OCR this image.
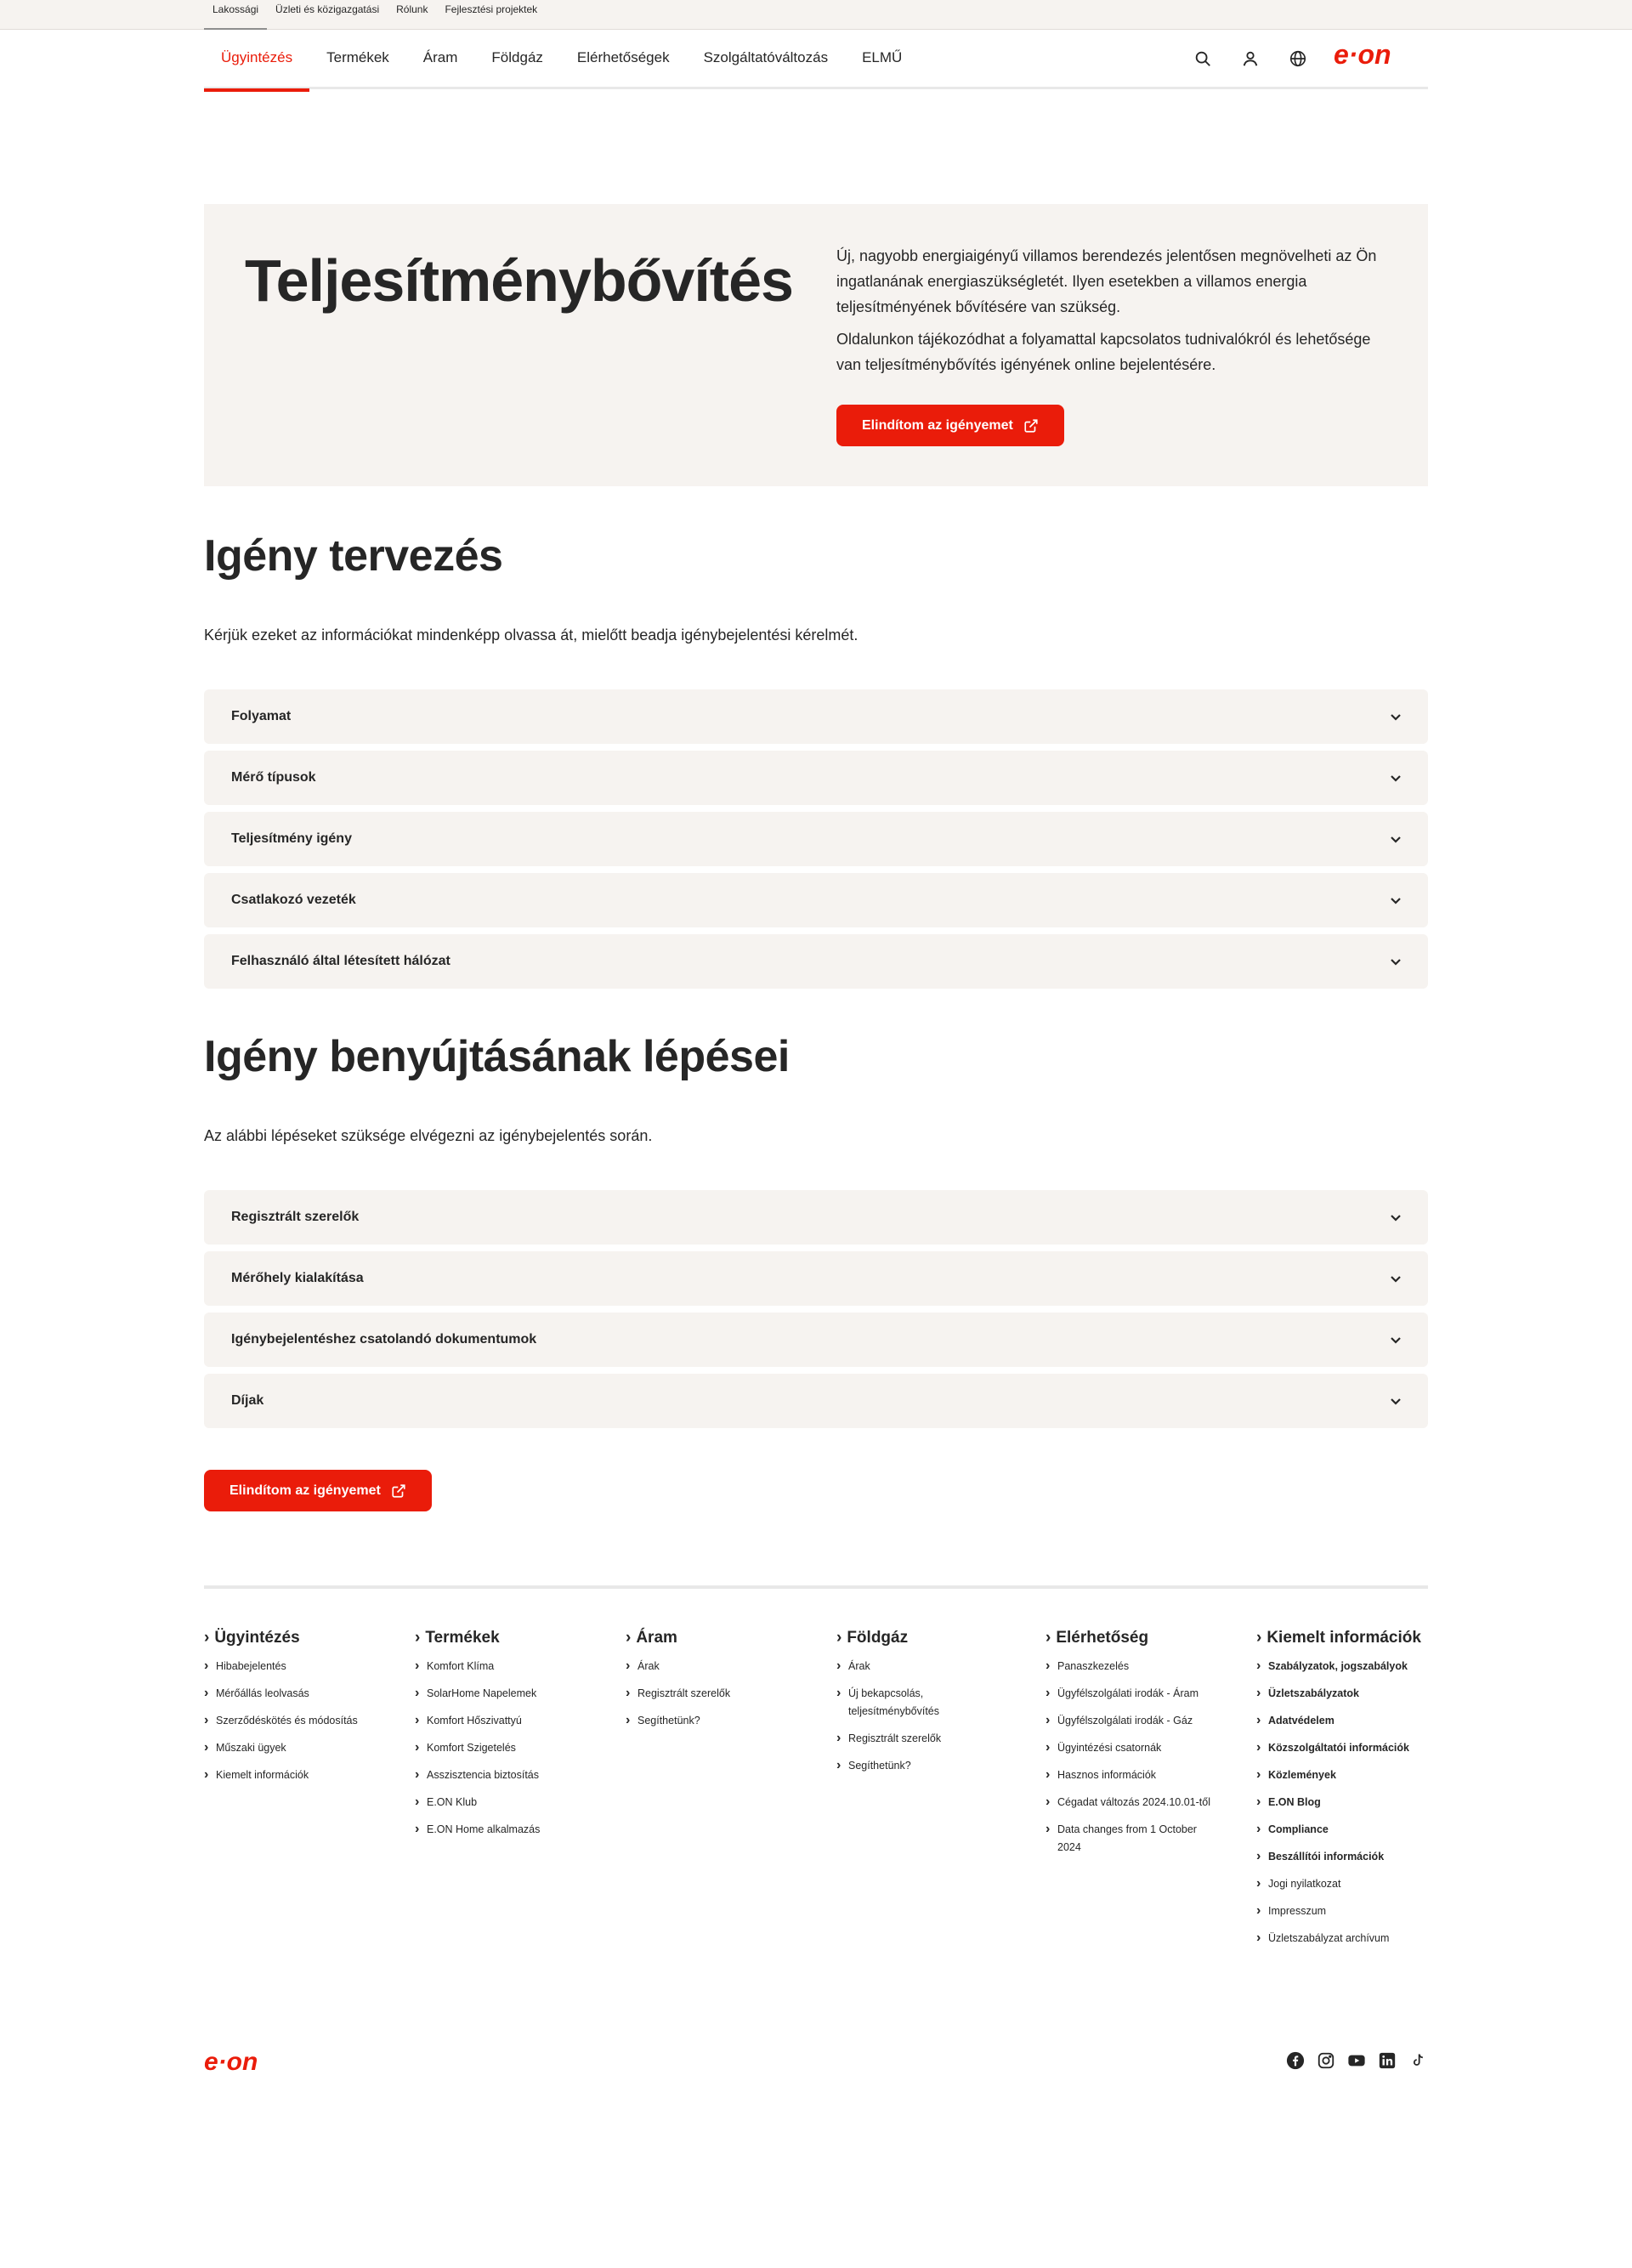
Lakossági	Üzleti és közigazgatási	Rólunk	Fejlesztési projektek
Ügyintézés	Termékek	Áram	Földgáz	Elérhetőségek	Szolgáltatóváltozás	ELMŰ	e·on
Teljesítménybővítés	Új, nagyobb energiaigényű villamos berendezés jelentősen megnövelheti az Ön ingatlanának energiaszükségletét. Ilyen esetekben a villamos energia teljesítményének bővítésére van szükség.

Oldalunkon tájékozódhat a folyamattal kapcsolatos tudnivalókról és lehetősége van teljesítménybővítés igényének online bejelentésére.

Elindítom az igényemet
Igény tervezés
Kérjük ezeket az információkat mindenképp olvassa át, mielőtt beadja igénybejelentési kérelmét.
Folyamat
Mérő típusok
Teljesítmény igény
Csatlakozó vezeték
Felhasználó által létesített hálózat
Igény benyújtásának lépései
Az alábbi lépéseket szüksége elvégezni az igénybejelentés során.
Regisztrált szerelők
Mérőhely kialakítása
Igénybejelentéshez csatolandó dokumentumok
Díjak
Elindítom az igényemet
› Ügyintézés
› Hibabejelentés
› Mérőállás leolvasás
› Szerződéskötés és módosítás
› Műszaki ügyek
› Kiemelt információk
› Termékek
› Komfort Klíma
› SolarHome Napelemek
› Komfort Hőszivattyú
› Komfort Szigetelés
› Asszisztencia biztosítás
› E.ON Klub
› E.ON Home alkalmazás
› Áram
› Árak
› Regisztrált szerelők
› Segíthetünk?
› Földgáz
› Árak
› Új bekapcsolás, teljesítménybővítés
› Regisztrált szerelők
› Segíthetünk?
› Elérhetőség
› Panaszkezelés
› Ügyfélszolgálati irodák - Áram
› Ügyfélszolgálati irodák - Gáz
› Ügyintézési csatornák
› Hasznos információk
› Cégadat változás 2024.10.01-től
› Data changes from 1 October 2024
› Kiemelt információk
› Szabályzatok, jogszabályok
› Üzletszabályzatok
› Adatvédelem
› Közszolgáltatói információk
› Közlemények
› E.ON Blog
› Compliance
› Beszállítói információk
› Jogi nyilatkozat
› Impresszum
› Üzletszabályzat archívum
e·on
